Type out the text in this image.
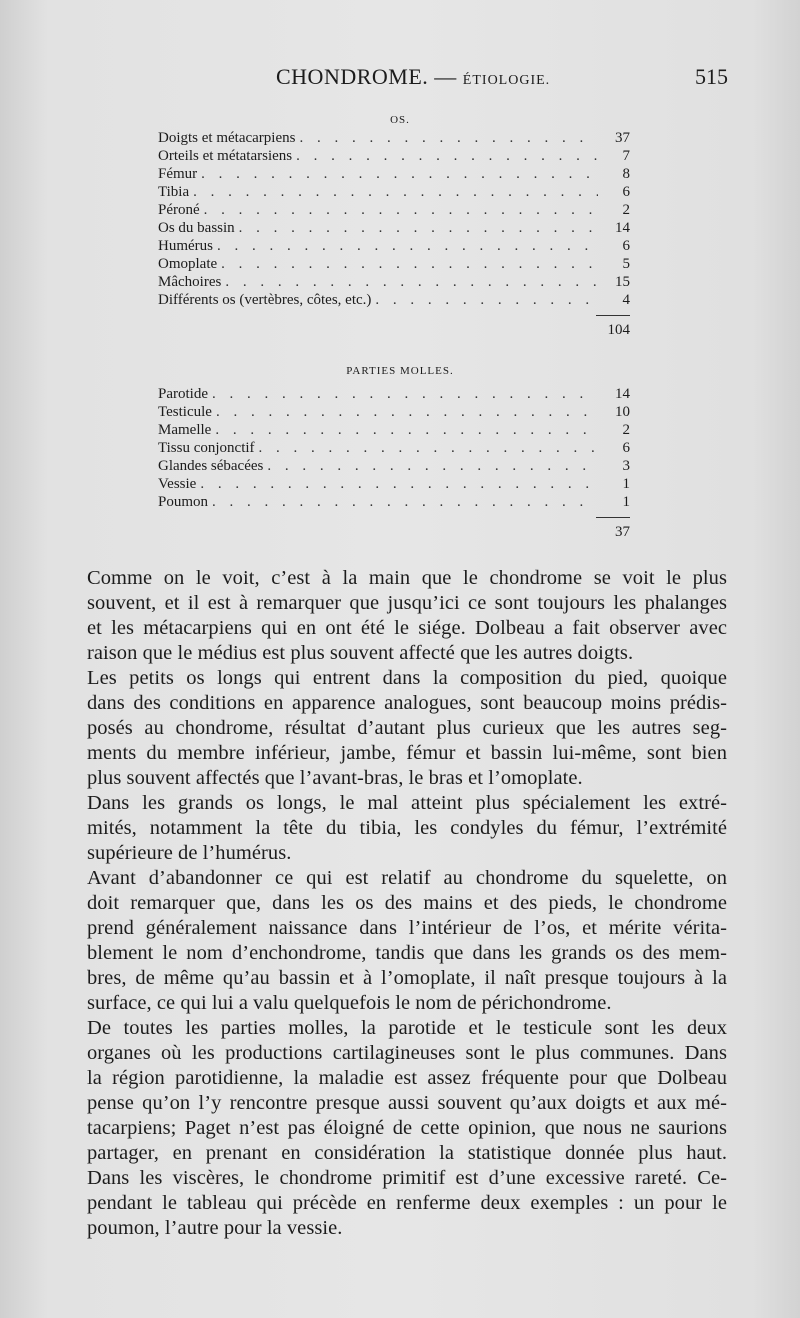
CHONDROME. — ÉTIOLOGIE.	515
OS.
Doigts et métacarpiens . . .	37
Orteils et métatarsiens . . .	7
Fémur . . .	8
Tibia . . .	6
Péroné . . .	2
Os du bassin . . .	14
Humérus . . .	6
Omoplate . . .	5
Mâchoires . . .	15
Différents os (vertèbres, côtes, etc.) . . .	4
104
PARTIES MOLLES.
Parotide . . .	14
Testicule . . .	10
Mamelle . . .	2
Tissu conjonctif . . .	6
Glandes sébacées . . .	3
Vessie . . .	1
Poumon . . .	1
37

Comme on le voit, c’est à la main que le chondrome se voit le plus
souvent, et il est à remarquer que jusqu’ici ce sont toujours les phalanges
et les métacarpiens qui en ont été le siége. Dolbeau a fait observer avec
raison que le médius est plus souvent affecté que les autres doigts.

Les petits os longs qui entrent dans la composition du pied, quoique
dans des conditions en apparence analogues, sont beaucoup moins prédis-
posés au chondrome, résultat d’autant plus curieux que les autres seg-
ments du membre inférieur, jambe, fémur et bassin lui-même, sont bien
plus souvent affectés que l’avant-bras, le bras et l’omoplate.

Dans les grands os longs, le mal atteint plus spécialement les extré-
mités, notamment la tête du tibia, les condyles du fémur, l’extrémité
supérieure de l’humérus.

Avant d’abandonner ce qui est relatif au chondrome du squelette, on
doit remarquer que, dans les os des mains et des pieds, le chondrome
prend généralement naissance dans l’intérieur de l’os, et mérite vérita-
blement le nom d’enchondrome, tandis que dans les grands os des mem-
bres, de même qu’au bassin et à l’omoplate, il naît presque toujours à la
surface, ce qui lui a valu quelquefois le nom de périchondrome.

De toutes les parties molles, la parotide et le testicule sont les deux
organes où les productions cartilagineuses sont le plus communes. Dans
la région parotidienne, la maladie est assez fréquente pour que Dolbeau
pense qu’on l’y rencontre presque aussi souvent qu’aux doigts et aux mé-
tacarpiens; Paget n’est pas éloigné de cette opinion, que nous ne saurions
partager, en prenant en considération la statistique donnée plus haut.
Dans les viscères, le chondrome primitif est d’une excessive rareté. Ce-
pendant le tableau qui précède en renferme deux exemples : un pour le
poumon, l’autre pour la vessie.
